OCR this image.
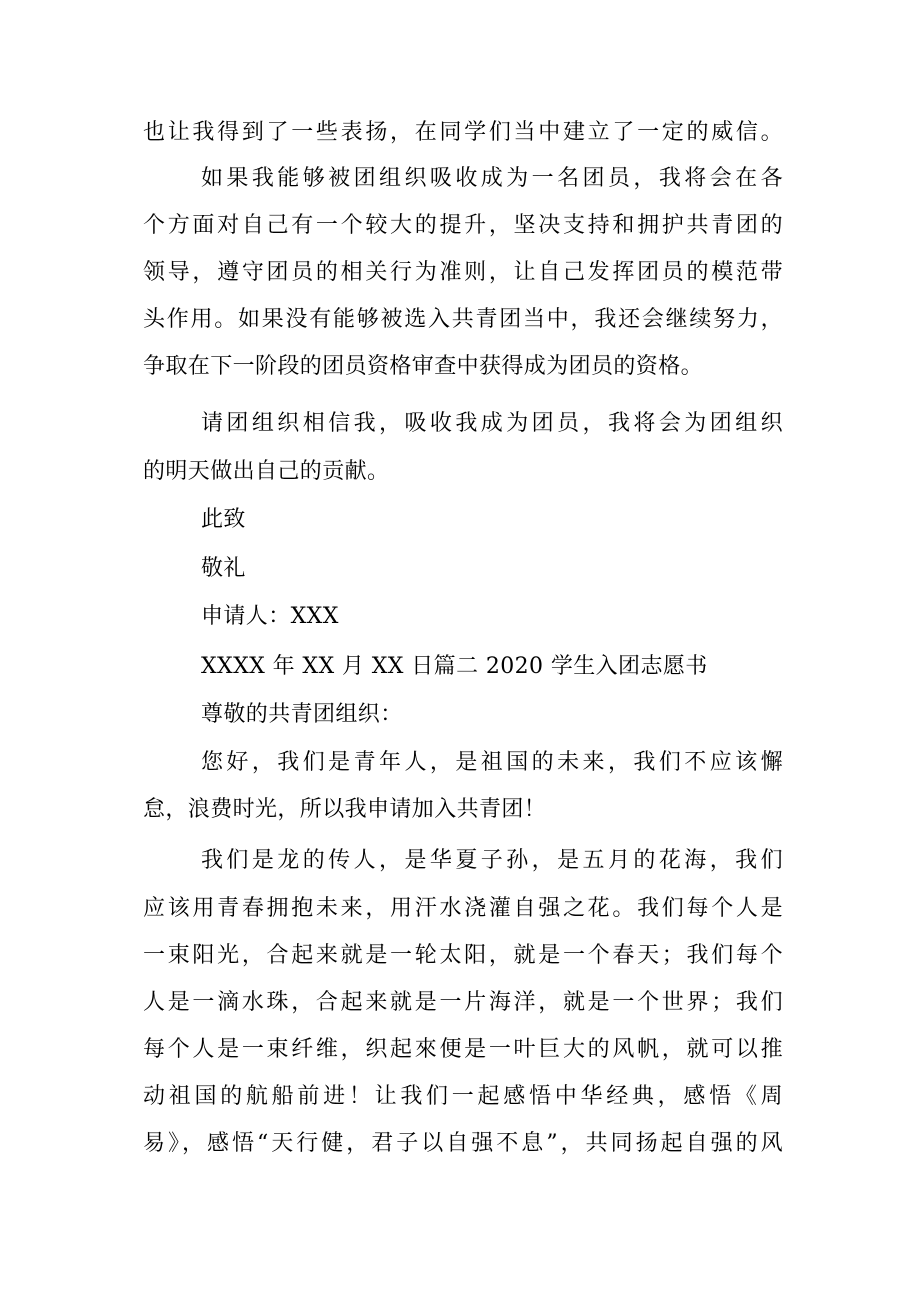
也让我得到了一些表扬，在同学们当中建立了一定的威信。
如果我能够被团组织吸收成为一名团员，我将会在各
个方面对自己有一个较大的提升，坚决支持和拥护共青团的
领导，遵守团员的相关行为准则，让自己发挥团员的模范带
头作用。如果没有能够被选入共青团当中，我还会继续努力，
争取在下一阶段的团员资格审查中获得成为团员的资格。
请团组织相信我，吸收我成为团员，我将会为团组织
的明天做出自己的贡献。
此致
敬礼
申请人：XXX
XXXX 年 XX 月 XX 日篇二 2020 学生入团志愿书
尊敬的共青团组织：
您好，我们是青年人，是祖国的未来，我们不应该懈
怠，浪费时光，所以我申请加入共青团！
我们是龙的传人，是华夏子孙，是五月的花海，我们
应该用青春拥抱未来，用汗水浇灌自强之花。我们每个人是
一束阳光，合起来就是一轮太阳，就是一个春天；我们每个
人是一滴水珠，合起来就是一片海洋，就是一个世界；我们
每个人是一束纤维，织起來便是一叶巨大的风帆，就可以推
动祖国的航船前进！让我们一起感悟中华经典，感悟《周
易》，感悟“天行健，君子以自强不息”，共同扬起自强的风
